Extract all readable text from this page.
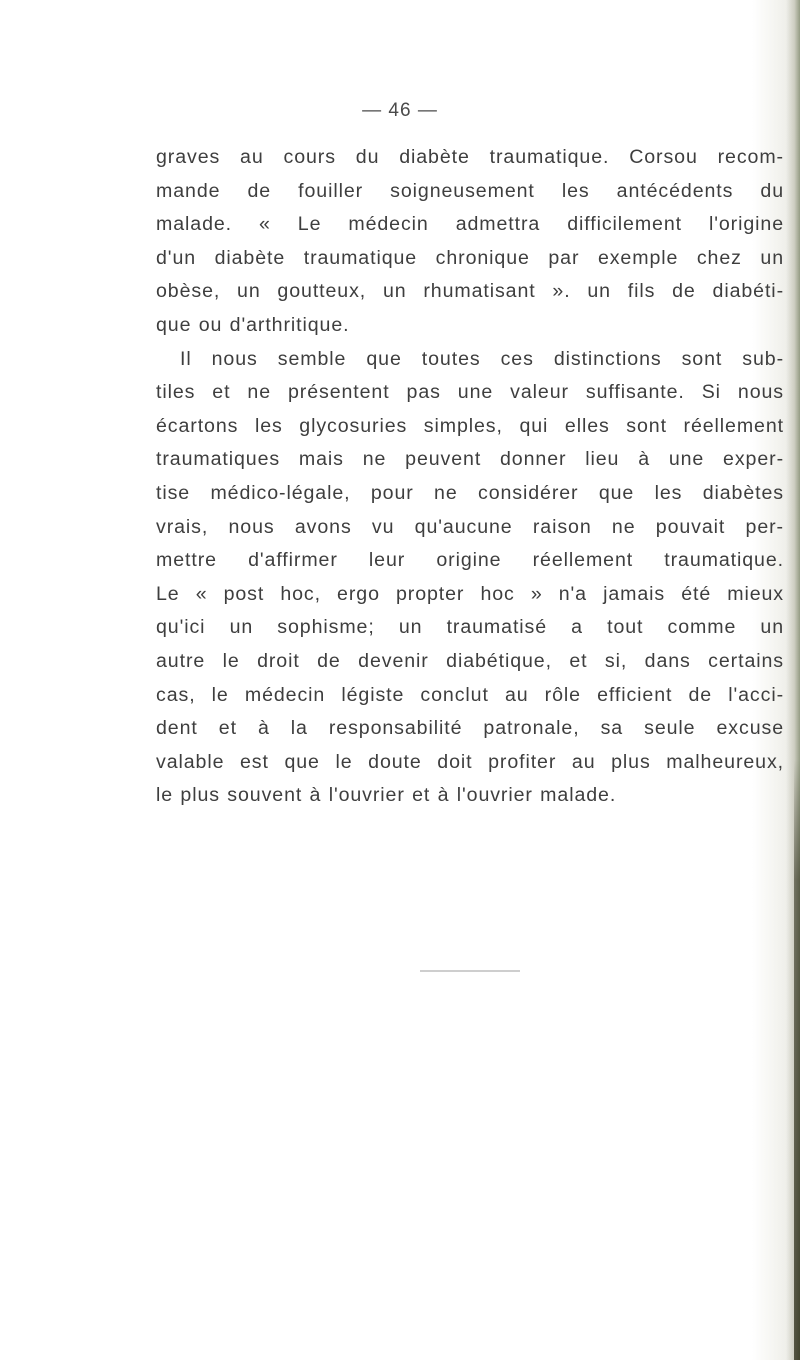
— 46 —
graves au cours du diabète traumatique. Corsou recom-
mande de fouiller soigneusement les antécédents du
malade. « Le médecin admettra difficilement l'origine
d'un diabète traumatique chronique par exemple chez un
obèse, un goutteux, un rhumatisant ». un fils de diabéti-
que ou d'arthritique.
Il nous semble que toutes ces distinctions sont sub-
tiles et ne présentent pas une valeur suffisante. Si nous
écartons les glycosuries simples, qui elles sont réellement
traumatiques mais ne peuvent donner lieu à une exper-
tise médico-légale, pour ne considérer que les diabètes
vrais, nous avons vu qu'aucune raison ne pouvait per-
mettre d'affirmer leur origine réellement traumatique.
Le « post hoc, ergo propter hoc » n'a jamais été mieux
qu'ici un sophisme; un traumatisé a tout comme un
autre le droit de devenir diabétique, et si, dans certains
cas, le médecin légiste conclut au rôle efficient de l'acci-
dent et à la responsabilité patronale, sa seule excuse
valable est que le doute doit profiter au plus malheureux,
le plus souvent à l'ouvrier et à l'ouvrier malade.
